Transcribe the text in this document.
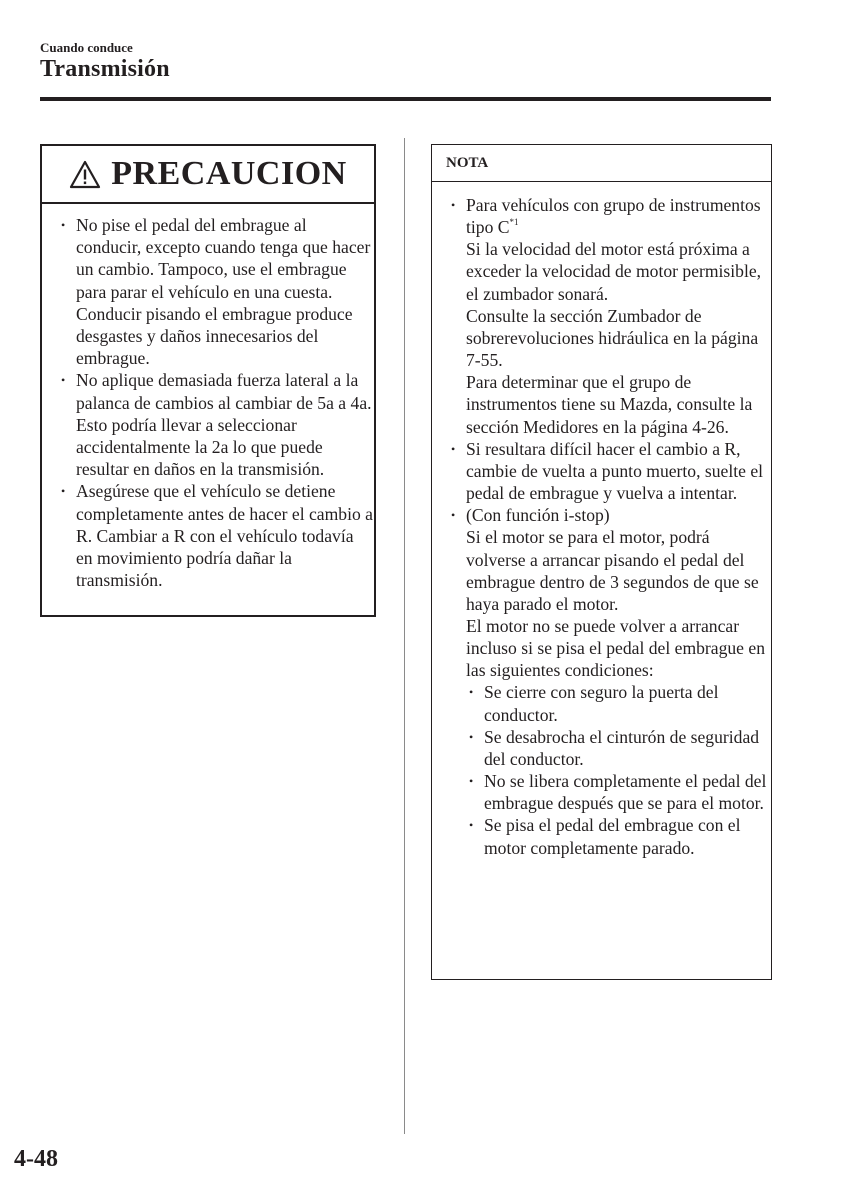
Cuando conduce
Transmisión
PRECAUCION
• No pise el pedal del embrague al conducir, excepto cuando tenga que hacer un cambio. Tampoco, use el embrague para parar el vehículo en una cuesta. Conducir pisando el embrague produce desgastes y daños innecesarios del embrague.
• No aplique demasiada fuerza lateral a la palanca de cambios al cambiar de 5a a 4a. Esto podría llevar a seleccionar accidentalmente la 2a lo que puede resultar en daños en la transmisión.
• Asegúrese que el vehículo se detiene completamente antes de hacer el cambio a R. Cambiar a R con el vehículo todavía en movimiento podría dañar la transmisión.
NOTA
• Para vehículos con grupo de instrumentos tipo $C^{*1}$
Si la velocidad del motor está próxima a exceder la velocidad de motor permisible, el zumbador sonará.
Consulte la sección Zumbador de sobrerevoluciones hidráulica en la página 7-55.
Para determinar que el grupo de instrumentos tiene su Mazda, consulte la sección Medidores en la página 4-26.
• Si resultara difícil hacer el cambio a R, cambie de vuelta a punto muerto, suelte el pedal de embrague y vuelva a intentar.
• (Con función i-stop)
Si el motor se para el motor, podrá volverse a arrancar pisando el pedal del embrague dentro de 3 segundos de que se haya parado el motor.
El motor no se puede volver a arrancar incluso si se pisa el pedal del embrague en las siguientes condiciones:
• Se cierre con seguro la puerta del conductor.
• Se desabrocha el cinturón de seguridad del conductor.
• No se libera completamente el pedal del embrague después que se para el motor.
• Se pisa el pedal del embrague con el motor completamente parado.
4-48
